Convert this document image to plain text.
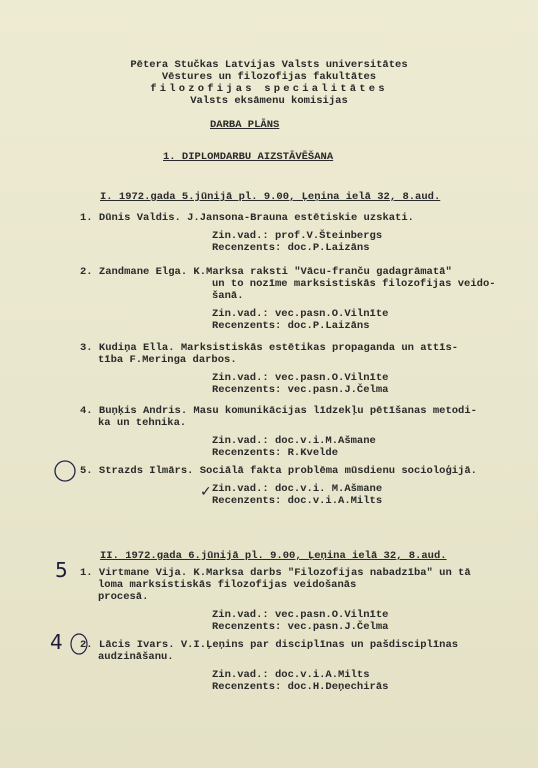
Pētera Stučkas Latvijas Valsts universitātes
Vēstures un filozofijas fakultātes
filozofijas specialitātes
Valsts eksāmenu komisijas
DARBA PLĀNS
1. DIPLOMDARBU AIZSTĀVĒŠANA
I. 1972.gada 5.jūnijā pl. 9.00, Ļeņina ielā 32, 8.aud.
1. Dūnis Valdis. J.Jansona-Brauna estētiskie uzskati.
Zin.vad.: prof.V.Šteinbergs
Recenzents: doc.P.Laizāns
2. Zandmane Elga. K.Marksa raksti "Vācu-franču gadagrāmatā"
un to nozīme marksistiskās filozofijas veido-
šanā.
Zin.vad.: vec.pasn.O.Vilnīte
Recenzents: doc.P.Laizāns
3. Kudiņa Ella. Marksistiskās estētikas propaganda un attīs-
tība F.Meringa darbos.
Zin.vad.: vec.pasn.O.Vilnīte
Recenzents: vec.pasn.J.Čelma
4. Buņķis Andris. Masu komunikācijas līdzekļu pētīšanas metodi-
ka un tehnika.
Zin.vad.: doc.v.i.M.Ašmane
Recenzents: R.Kvelde
5. Strazds Ilmārs. Sociālā fakta problēma mūsdienu socioloģijā.
Zin.vad.: doc.v.i. M.Ašmane
Recenzents: doc.v.i.A.Milts
II. 1972.gada 6.jūnijā pl. 9.00, Ļeņina ielā 32, 8.aud.
1. Virtmane Vija. K.Marksa darbs "Filozofijas nabadzība" un tā
loma marksistiskās filozofijas veidošanās
procesā.
Zin.vad.: vec.pasn.O.Vilnīte
Recenzents: vec.pasn.J.Čelma
2. Lācis Ivars. V.I.Ļeņins par disciplīnas un pašdisciplīnas
audzināšanu.
Zin.vad.: doc.v.i.A.Milts
Recenzents: doc.H.Deņechirās
✓
5
4
